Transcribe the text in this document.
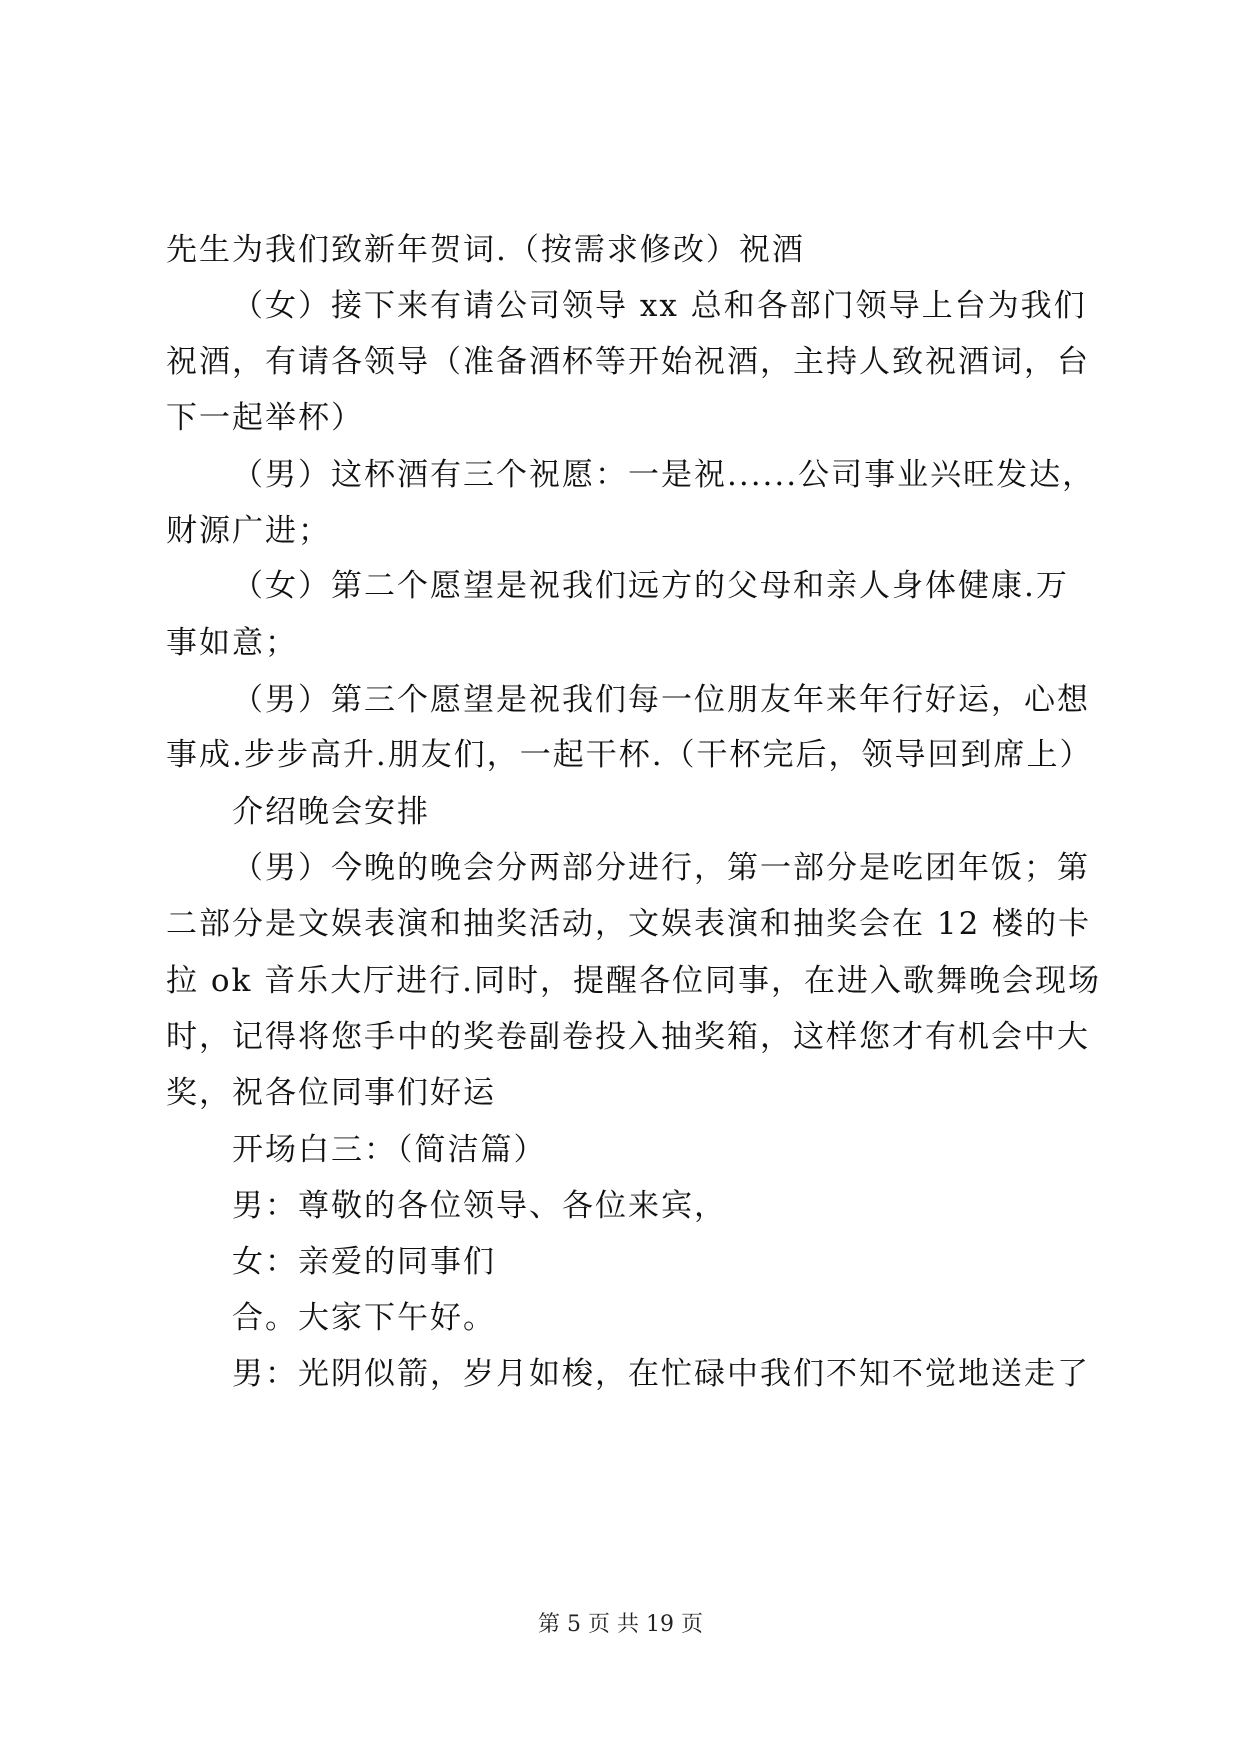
先生为我们致新年贺词.（按需求修改）祝酒
（女）接下来有请公司领导 xx 总和各部门领导上台为我们
祝酒，有请各领导（准备酒杯等开始祝酒，主持人致祝酒词，台
下一起举杯）
（男）这杯酒有三个祝愿：一是祝......公司事业兴旺发达，
财源广进；
（女）第二个愿望是祝我们远方的父母和亲人身体健康.万
事如意；
（男）第三个愿望是祝我们每一位朋友年来年行好运，心想
事成.步步高升.朋友们，一起干杯.（干杯完后，领导回到席上）
介绍晚会安排
（男）今晚的晚会分两部分进行，第一部分是吃团年饭；第
二部分是文娱表演和抽奖活动，文娱表演和抽奖会在 12 楼的卡
拉 ok 音乐大厅进行.同时，提醒各位同事，在进入歌舞晚会现场
时，记得将您手中的奖卷副卷投入抽奖箱，这样您才有机会中大
奖，祝各位同事们好运
开场白三：（简洁篇）
男：尊敬的各位领导、各位来宾，
女：亲爱的同事们
合。大家下午好。
男：光阴似箭，岁月如梭，在忙碌中我们不知不觉地送走了
第 5 页 共 19 页
